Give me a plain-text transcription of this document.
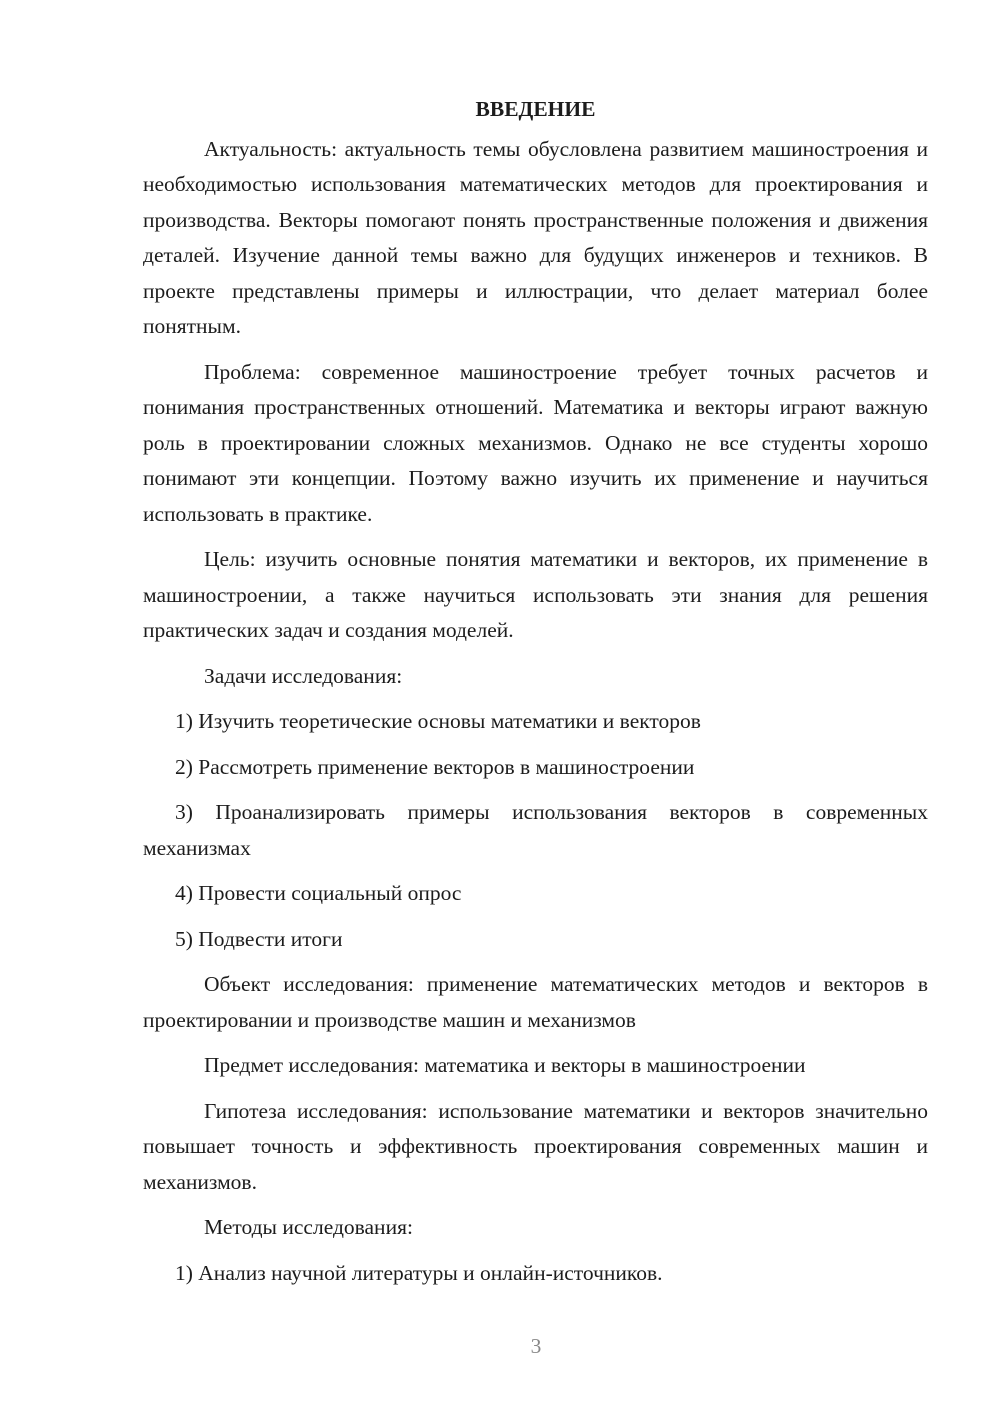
ВВЕДЕНИЕ

Актуальность: актуальность темы обусловлена развитием машиностроения и необходимостью использования математических методов для проектирования и производства. Векторы помогают понять пространственные положения и движения деталей. Изучение данной темы важно для будущих инженеров и техников. В проекте представлены примеры и иллюстрации, что делает материал более понятным.

Проблема: современное машиностроение требует точных расчетов и понимания пространственных отношений. Математика и векторы играют важную роль в проектировании сложных механизмов. Однако не все студенты хорошо понимают эти концепции. Поэтому важно изучить их применение и научиться использовать в практике.

Цель: изучить основные понятия математики и векторов, их применение в машиностроении, а также научиться использовать эти знания для решения практических задач и создания моделей.

Задачи исследования:

1) Изучить теоретические основы математики и векторов

2) Рассмотреть применение векторов в машиностроении

3) Проанализировать примеры использования векторов в современных механизмах

4) Провести социальный опрос

5) Подвести итоги

Объект исследования: применение математических методов и векторов в проектировании и производстве машин и механизмов

Предмет исследования: математика и векторы в машиностроении

Гипотеза исследования: использование математики и векторов значительно повышает точность и эффективность проектирования современных машин и механизмов.

Методы исследования:

1) Анализ научной литературы и онлайн-источников.

3
